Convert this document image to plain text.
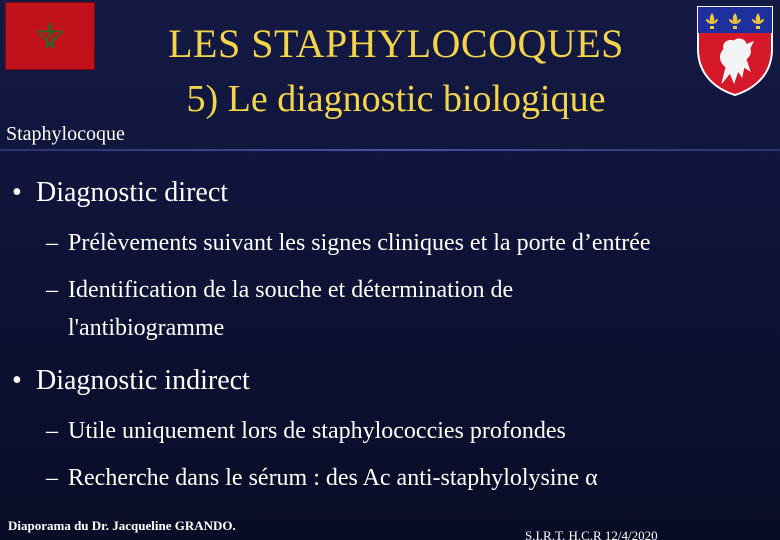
LES STAPHYLOCOQUES
5) Le diagnostic biologique
Staphylocoque
• Diagnostic direct
– Prélèvements suivant les signes cliniques et la porte d’entrée
– Identification de la souche et détermination de
l'antibiogramme
• Diagnostic indirect
– Utile uniquement lors de staphylococcies profondes
– Recherche dans le sérum : des Ac anti-staphylolysine α
Diaporama du Dr. Jacqueline GRANDO.
S.I.R.T. H.C.R 12/4/2020
